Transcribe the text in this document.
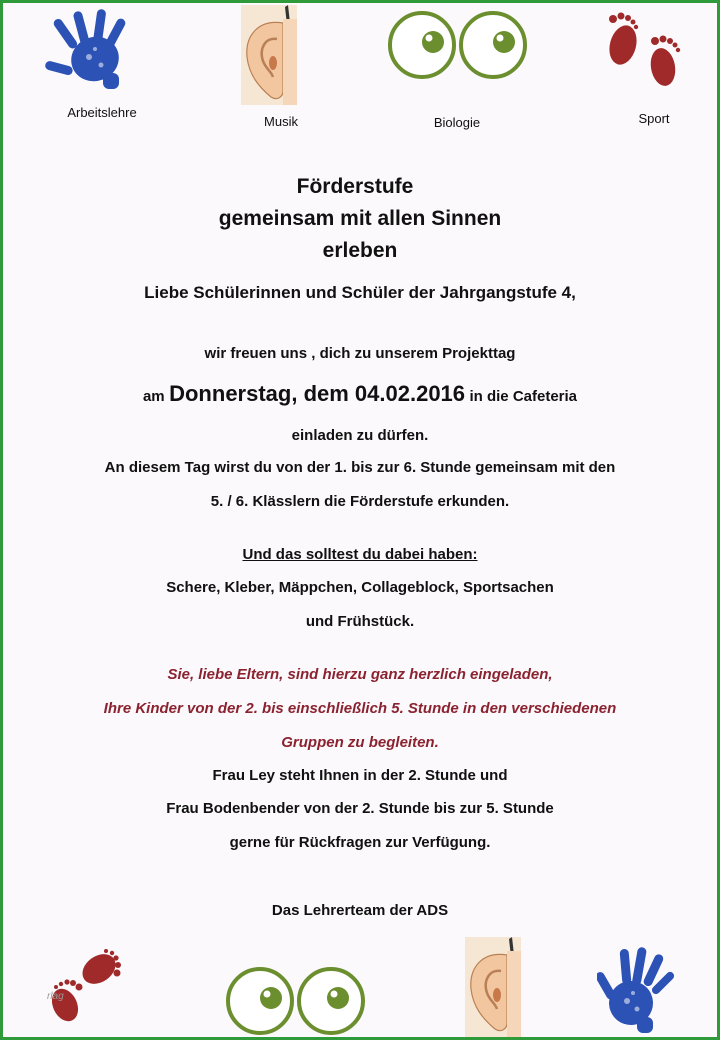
Arbeitslehre
Musik	Biologie	Sport
Förderstufe
gemeinsam mit allen Sinnen
erleben
Liebe Schülerinnen und Schüler der Jahrgangstufe 4,
wir freuen uns , dich zu unserem Projekttag
am Donnerstag, dem 04.02.2016 in die Cafeteria
einladen zu dürfen.
An diesem Tag wirst du von der 1. bis zur 6. Stunde gemeinsam mit den
5. / 6. Klässlern die Förderstufe erkunden.
Und das solltest du dabei haben:
Schere, Kleber, Mäppchen, Collageblock, Sportsachen
und Frühstück.
Sie, liebe Eltern, sind hierzu ganz herzlich eingeladen,
Ihre Kinder von der 2. bis einschließlich 5. Stunde in den verschiedenen
Gruppen zu begleiten.
Frau Ley steht Ihnen in der 2. Stunde und
Frau Bodenbender von der 2. Stunde bis zur 5. Stunde
gerne für Rückfragen zur Verfügung.
Das Lehrerteam der ADS
rlag
